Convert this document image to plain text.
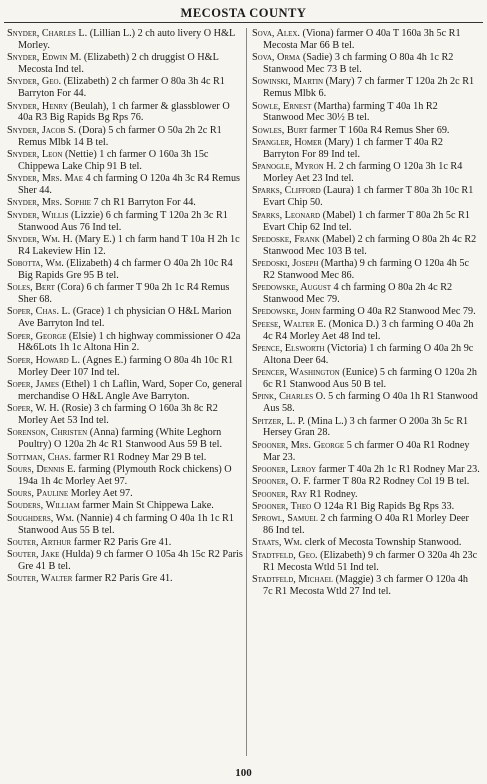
MECOSTA COUNTY
Snyder, Charles L. (Lillian L.) 2 ch auto livery O H&L Morley.
Snyder, Edwin M. (Elizabeth) 2 ch druggist O H&L Mecosta Ind tel.
Snyder, Geo. (Elizabeth) 2 ch farmer O 80a 3h 4c R1 Barryton For 44.
Snyder, Henry (Beulah), 1 ch farmer & glassblower O 40a R3 Big Rapids Bg Rps 76.
Snyder, Jacob S. (Dora) 5 ch farmer O 50a 2h 2c R1 Remus Mlbk 14 B tel.
Snyder, Leon (Nettie) 1 ch farmer O 160a 3h 15c Chippewa Lake Chip 91 B tel.
Snyder, Mrs. Mae 4 ch farming O 120a 4h 3c R4 Remus Sher 44.
Snyder, Mrs. Sophie 7 ch R1 Barryton For 44.
Snyder, Willis (Lizzie) 6 ch farming T 120a 2h 3c R1 Stanwood Aus 76 Ind tel.
Snyder, Wm. H. (Mary E.) 1 ch farm hand T 10a H 2h 1c R4 Lakeview Hin 12.
Sobotta, Wm. (Elizabeth) 4 ch farmer O 40a 2h 10c R4 Big Rapids Gre 95 B tel.
Soles, Bert (Cora) 6 ch farmer T 90a 2h 1c R4 Remus Sher 68.
Soper, Chas. L. (Grace) 1 ch physician O H&L Marion Ave Barryton Ind tel.
Soper, George (Elsie) 1 ch highway commissioner O 42a H&6Lots 1h 1c Altona Hin 2.
Soper, Howard L. (Agnes E.) farming O 80a 4h 10c R1 Morley Deer 107 Ind tel.
Soper, James (Ethel) 1 ch Laflin, Ward, Soper Co, general merchandise O H&L Angle Ave Barryton.
Soper, W. H. (Rosie) 3 ch farming O 160a 3h 8c R2 Morley Aet 53 Ind tel.
Sorenson, Christen (Anna) farming (White Leghorn Poultry) O 120a 2h 4c R1 Stanwood Aus 59 B tel.
Sottman, Chas. farmer R1 Rodney Mar 29 B tel.
Sours, Dennis E. farming (Plymouth Rock chickens) O 194a 1h 4c Morley Aet 97.
Sours, Pauline Morley Aet 97.
Souders, William farmer Main St Chippewa Lake.
Soughders, Wm. (Nannie) 4 ch farming O 40a 1h 1c R1 Stanwood Aus 55 B tel.
Souter, Arthur farmer R2 Paris Gre 41.
Souter, Jake (Hulda) 9 ch farmer O 105a 4h 15c R2 Paris Gre 41 B tel.
Souter, Walter farmer R2 Paris Gre 41.
Sova, Alex. (Viona) farmer O 40a T 160a 3h 5c R1 Mecosta Mar 66 B tel.
Sova, Orma (Sadie) 3 ch farming O 80a 4h 1c R2 Stanwood Mec 73 B tel.
Sowinski, Martin (Mary) 7 ch farmer T 120a 2h 2c R1 Remus Mlbk 6.
Sowle, Ernest (Martha) farming T 40a 1h R2 Stanwood Mec 30½ B tel.
Sowles, Burt farmer T 160a R4 Remus Sher 69.
Spangler, Homer (Mary) 1 ch farmer T 40a R2 Barryton For 89 Ind tel.
Spanogle, Myron H. 2 ch farming O 120a 3h 1c R4 Morley Aet 23 Ind tel.
Sparks, Clifford (Laura) 1 ch farmer T 80a 3h 10c R1 Evart Chip 50.
Sparks, Leonard (Mabel) 1 ch farmer T 80a 2h 5c R1 Evart Chip 62 Ind tel.
Spedoske, Frank (Mabel) 2 ch farming O 80a 2h 4c R2 Stanwood Mec 103 B tel.
Spedoski, Joseph (Martha) 9 ch farming O 120a 4h 5c R2 Stanwood Mec 86.
Spedowske, August 4 ch farming O 80a 2h 4c R2 Stanwood Mec 79.
Spedowske, John farming O 40a R2 Stanwood Mec 79.
Speese, Walter E. (Monica D.) 3 ch farming O 40a 2h 4c R4 Morley Aet 48 Ind tel.
Spence, Elsworth (Victoria) 1 ch farming O 40a 2h 9c Altona Deer 64.
Spencer, Washington (Eunice) 5 ch farming O 120a 2h 6c R1 Stanwood Aus 50 B tel.
Spink, Charles O. 5 ch farming O 40a 1h R1 Stanwood Aus 58.
Spitzer, L. P. (Mina L.) 3 ch farmer O 200a 3h 5c R1 Hersey Gran 28.
Spooner, Mrs. George 5 ch farmer O 40a R1 Rodney Mar 23.
Spooner, Leroy farmer T 40a 2h 1c R1 Rodney Mar 23.
Spooner, O. F. farmer T 80a R2 Rodney Col 19 B tel.
Spooner, Ray R1 Rodney.
Spooner, Theo O 124a R1 Big Rapids Bg Rps 33.
Sprowl, Samuel 2 ch farming O 40a R1 Morley Deer 86 Ind tel.
Staats, Wm. clerk of Mecosta Township Stanwood.
Stadtfeld, Geo. (Elizabeth) 9 ch farmer O 320a 4h 23c R1 Mecosta Wtld 51 Ind tel.
Stadtfeld, Michael (Maggie) 3 ch farmer O 120a 4h 7c R1 Mecosta Wtld 27 Ind tel.
100
